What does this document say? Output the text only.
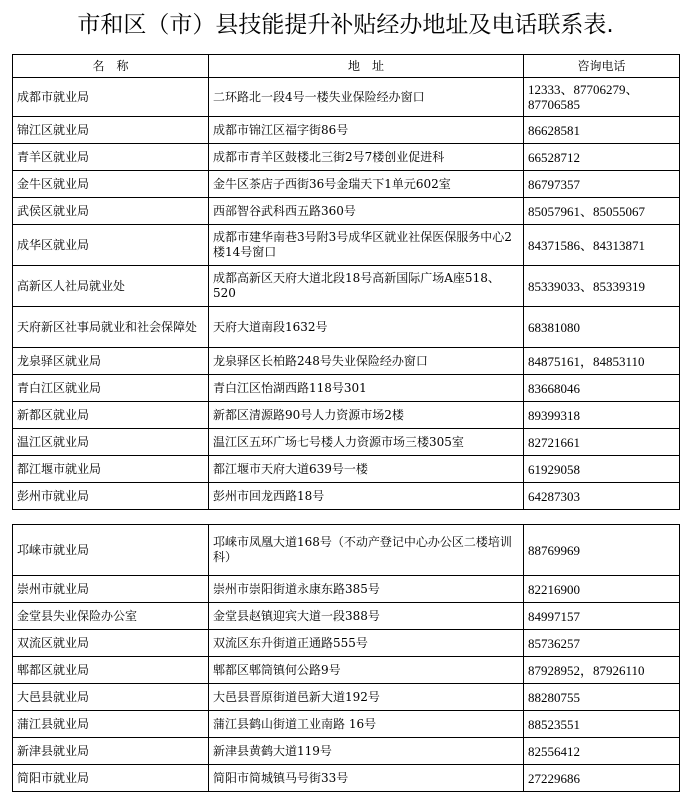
市和区（市）县技能提升补贴经办地址及电话联系表.
名　称	地　址	咨询电话
成都市就业局	二环路北一段4号一楼失业保险经办窗口	12333、87706279、87706585
锦江区就业局	成都市锦江区福字街86号	86628581
青羊区就业局	成都市青羊区鼓楼北三街2号7楼创业促进科	66528712
金牛区就业局	金牛区茶店子西街36号金瑞天下1单元602室	86797357
武侯区就业局	西部智谷武科西五路360号	85057961、85055067
成华区就业局	成都市建华南巷3号附3号成华区就业社保医保服务中心2楼14号窗口	84371586、84313871
高新区人社局就业处	成都高新区天府大道北段18号高新国际广场A座518、520	85339033、85339319
天府新区社事局就业和社会保障处	天府大道南段1632号	68381080
龙泉驿区就业局	龙泉驿区长柏路248号失业保险经办窗口	84875161，84853110
青白江区就业局	青白江区怡湖西路118号301	83668046
新都区就业局	新都区清源路90号人力资源市场2楼	89399318
温江区就业局	温江区五环广场七号楼人力资源市场三楼305室	82721661
都江堰市就业局	都江堰市天府大道639号一楼	61929058
彭州市就业局	彭州市回龙西路18号	64287303

邛崃市就业局	邛崃市凤凰大道168号（不动产登记中心办公区二楼培训科）	88769969
崇州市就业局	崇州市崇阳街道永康东路385号	82216900
金堂县失业保险办公室	金堂县赵镇迎宾大道一段388号	84997157
双流区就业局	双流区东升街道正通路555号	85736257
郫都区就业局	郫都区郫筒镇何公路9号	87928952，87926110
大邑县就业局	大邑县晋原街道邑新大道192号	88280755
蒲江县就业局	蒲江县鹤山街道工业南路 16号	88523551
新津县就业局	新津县黄鹤大道119号	82556412
简阳市就业局	简阳市简城镇马号街33号	27229686
